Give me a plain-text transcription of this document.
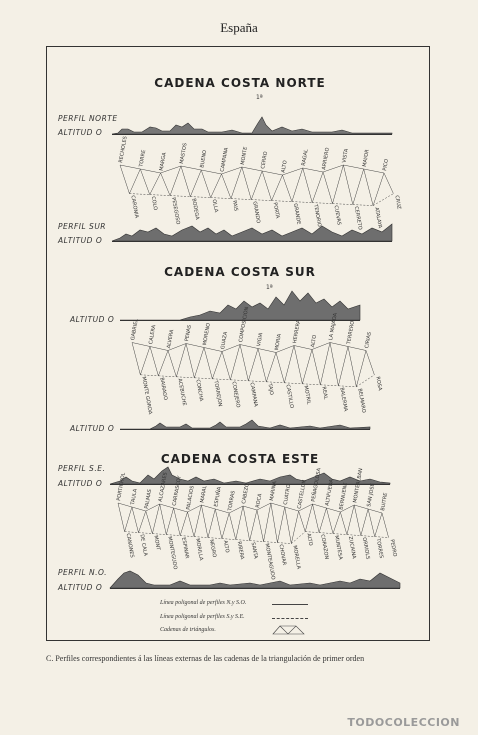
España
CADENA COSTA NORTE
1ª
PERFIL NORTE
ALTITUD O
RECHOLES
CARONIA
TORRE
COLO
MARGA
PESEGOSO
MASTOS
BODEGA
BUENO
OLLA
CAMPANA
PAIS
MONTE
GRANDO
CERRO
PORTA
ALTO
GRANDE
RAGAL
TENORIO
ARRIERO
CUEVAS
VISTA
CERRETO
MAYOR
ATALAYA
PICO
CRUZ
PERFIL SUR
ALTITUD O
CADENA COSTA SUR
1ª
ALTITUD O	GABRIEL
MONTE GORDA
CALERA
BAIRAGO
ALVERA
ACEBUCHE
PENAS
CONCHA
MORENO
TORREJON
GUAZA
CONEJERO
COMPOSICION
CAMPANA
VIGIA
TAJO
MORIA
CASTILLO
HERRERA
MOTRIL
ALTO
REAL
LA MAJADA
BALERMA
TERRERO
BELMARO
CIRIAS
ROSA
ALTITUD O
CADENA COSTA ESTE
PERFIL S.E.
ALTITUD O	PORTICHOL
CANONES
TAULA
DE CALA
PALMAS
MONT
ALCAZARES
MONTEGUDO
CARRASCOY
ESPINAR
PALACIOS
MORILLA
MARAL
NEGRO
ESPUÑA
ALTO
TORRAS
RIBERA
CABEZO
SANTA
ROCA
MONTEAGUDO
MARINA
CHOVAR
CUATRO
MORELLA
CASTELLON
ALTO
PEÑAGOLOSA
CORAZON
ALTIFUEDA
MUNTESA
BERNUENE
ZUCAINA
MONTEALBAN
ORRIOLS
SAN JOSE
TORRES
BUITRE
PEDRO
PERFIL N.O.
ALTITUD O
Línea poligonal de perfiles N.y S.O.
Línea poligonal de perfiles S.y S.E.
Cadenas de triángulos.
C. Perfiles correspondientes á las líneas externas de las cadenas de la triangulación de primer orden
TODOCOLECCION
